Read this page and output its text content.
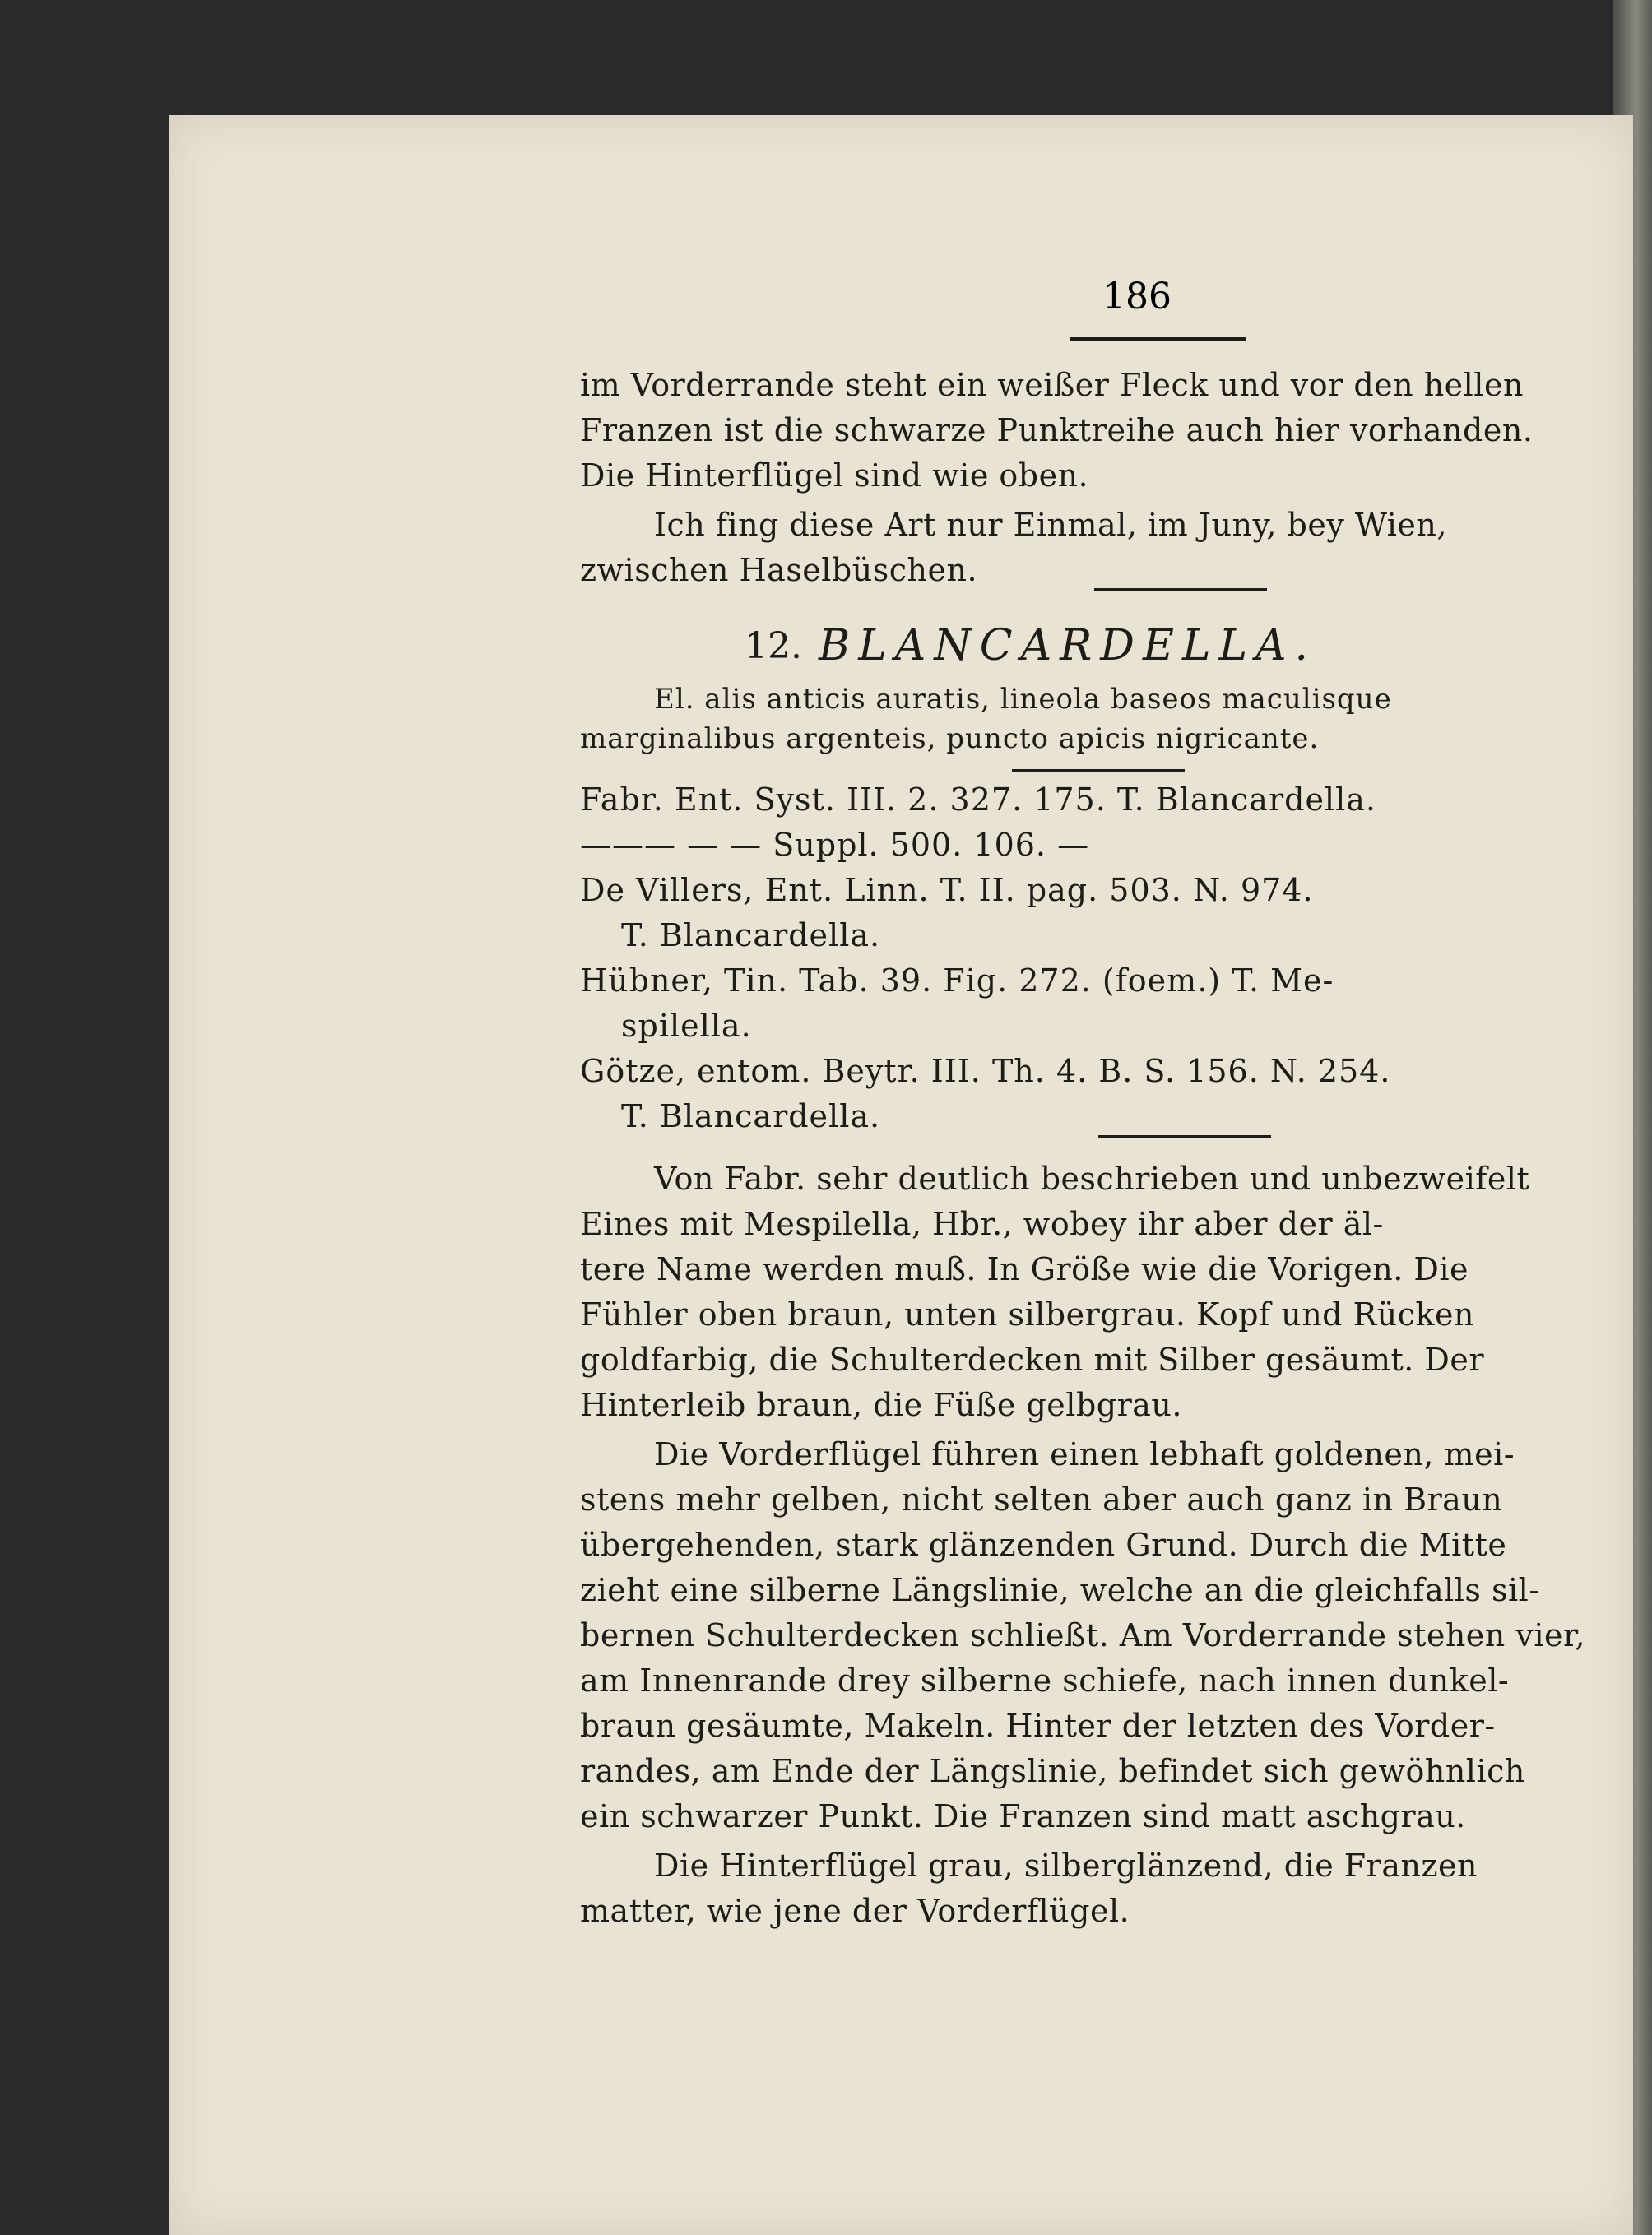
186
im Vorderrande steht ein weißer Fleck und vor den hellen
Franzen ist die schwarze Punktreihe auch hier vorhanden.
Die Hinterflügel sind wie oben.
Ich fing diese Art nur Einmal, im Juny, bey Wien,
zwischen Haselbüschen.
12. BLANCARDELLA.
El. alis anticis auratis, lineola baseos maculisque
marginalibus argenteis, puncto apicis nigricante.
Fabr. Ent. Syst. III. 2. 327. 175. T. Blancardella.
——— — — Suppl. 500. 106. —
De Villers, Ent. Linn. T. II. pag. 503. N. 974.
T. Blancardella.
Hübner, Tin. Tab. 39. Fig. 272. (foem.) T. Me-
spilella.
Götze, entom. Beytr. III. Th. 4. B. S. 156. N. 254.
T. Blancardella.
Von Fabr. sehr deutlich beschrieben und unbezweifelt
Eines mit Mespilella, Hbr., wobey ihr aber der äl-
tere Name werden muß. In Größe wie die Vorigen. Die
Fühler oben braun, unten silbergrau. Kopf und Rücken
goldfarbig, die Schulterdecken mit Silber gesäumt. Der
Hinterleib braun, die Füße gelbgrau.
Die Vorderflügel führen einen lebhaft goldenen, mei-
stens mehr gelben, nicht selten aber auch ganz in Braun
übergehenden, stark glänzenden Grund. Durch die Mitte
zieht eine silberne Längslinie, welche an die gleichfalls sil-
bernen Schulterdecken schließt. Am Vorderrande stehen vier,
am Innenrande drey silberne schiefe, nach innen dunkel-
braun gesäumte, Makeln. Hinter der letzten des Vorder-
randes, am Ende der Längslinie, befindet sich gewöhnlich
ein schwarzer Punkt. Die Franzen sind matt aschgrau.
Die Hinterflügel grau, silberglänzend, die Franzen
matter, wie jene der Vorderflügel.
